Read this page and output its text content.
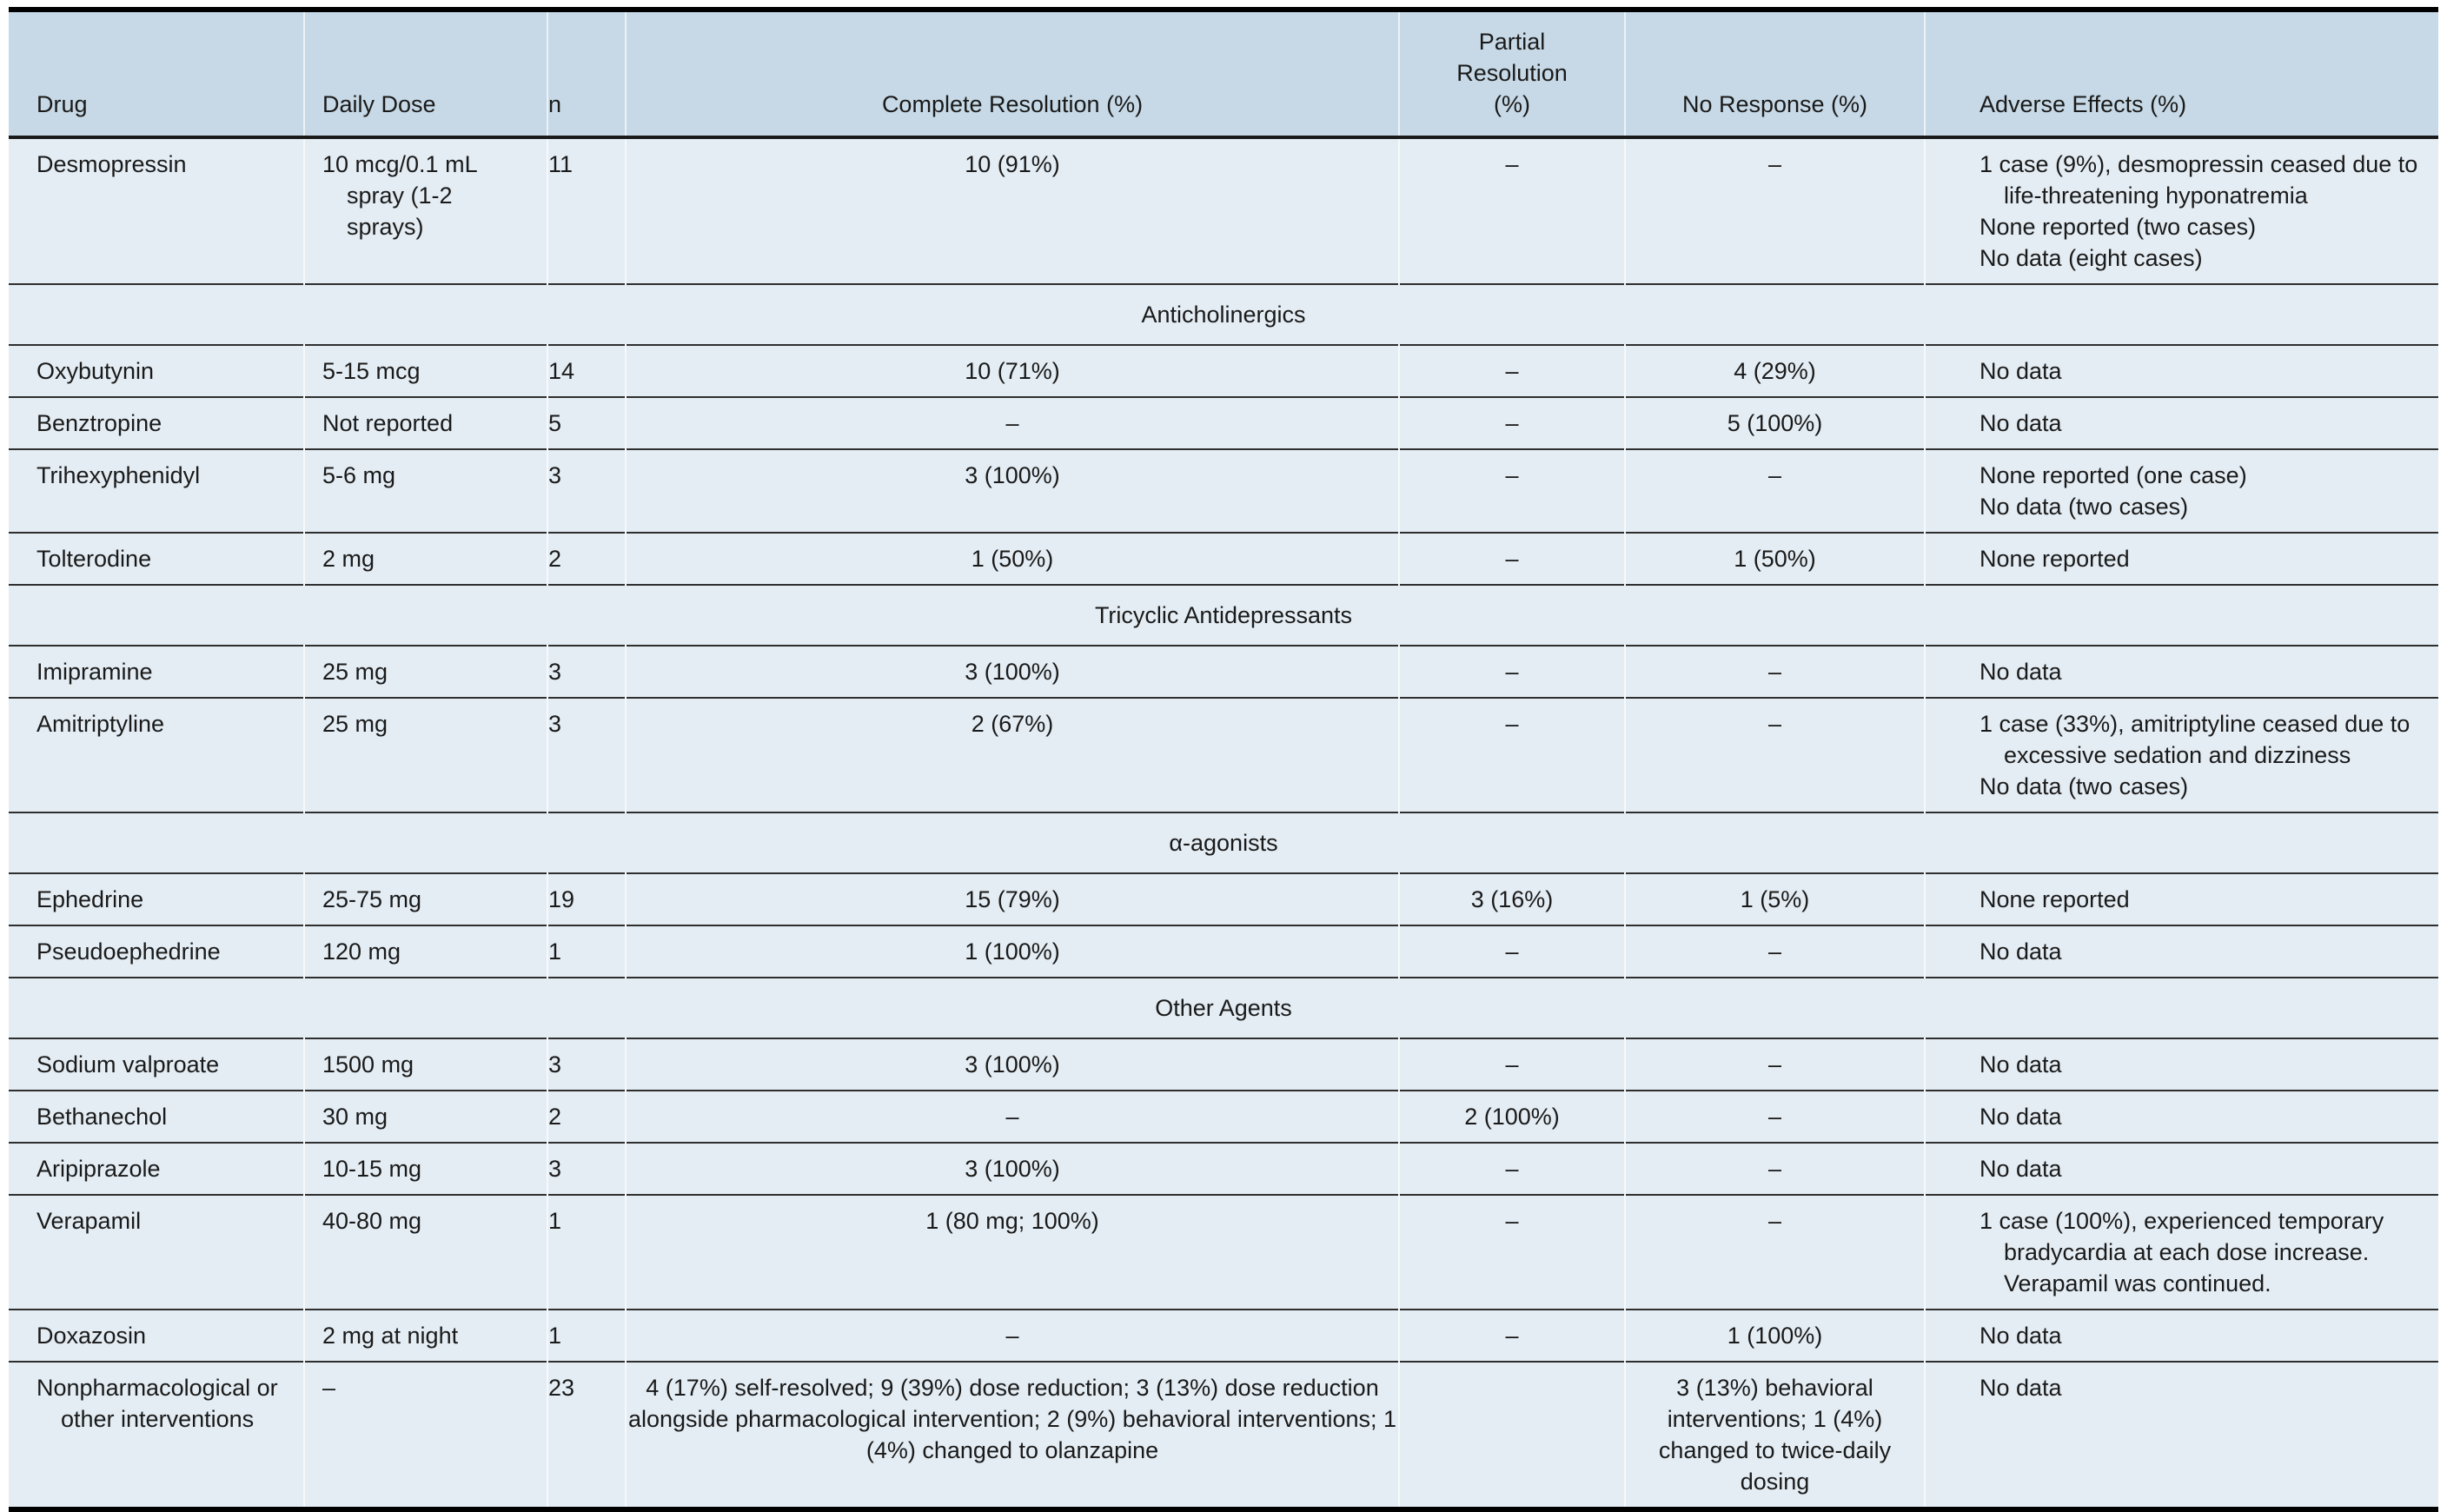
Drug	Daily Dose	n	Complete Resolution (%)	Partial Resolution (%)	No Response (%)	Adverse Effects (%)

Desmopressin	10 mcg/0.1 mL spray (1-2 sprays)	11	10 (91%)	–	–	1 case (9%), desmopressin ceased due to life-threatening hyponatremia
None reported (two cases)
No data (eight cases)

Anticholinergics						

Oxybutynin	5-15 mcg	14	10 (71%)	–	4 (29%)	No data

Benztropine	Not reported	5	–	–	5 (100%)	No data

Trihexyphenidyl	5-6 mg	3	3 (100%)	–	–	None reported (one case)
No data (two cases)

Tolterodine	2 mg	2	1 (50%)	–	1 (50%)	None reported

Tricyclic Antidepressants						

Imipramine	25 mg	3	3 (100%)	–	–	No data

Amitriptyline	25 mg	3	2 (67%)	–	–	1 case (33%), amitriptyline ceased due to excessive sedation and dizziness
No data (two cases)

α-agonists						

Ephedrine	25-75 mg	19	15 (79%)	3 (16%)	1 (5%)	None reported

Pseudoephedrine	120 mg	1	1 (100%)	–	–	No data

Other Agents						

Sodium valproate	1500 mg	3	3 (100%)	–	–	No data

Bethanechol	30 mg	2	–	2 (100%)	–	No data

Aripiprazole	10-15 mg	3	3 (100%)	–	–	No data

Verapamil	40-80 mg	1	1 (80 mg; 100%)	–	–	1 case (100%), experienced temporary bradycardia at each dose increase. Verapamil was continued.

Doxazosin	2 mg at night	1	–	–	1 (100%)	No data

Nonpharmacological or other interventions	–	23	4 (17%) self-resolved; 9 (39%) dose reduction; 3 (13%) dose reduction alongside pharmacological intervention; 2 (9%) behavioral interventions; 1 (4%) changed to olanzapine		3 (13%) behavioral interventions; 1 (4%) changed to twice-daily dosing	No data
